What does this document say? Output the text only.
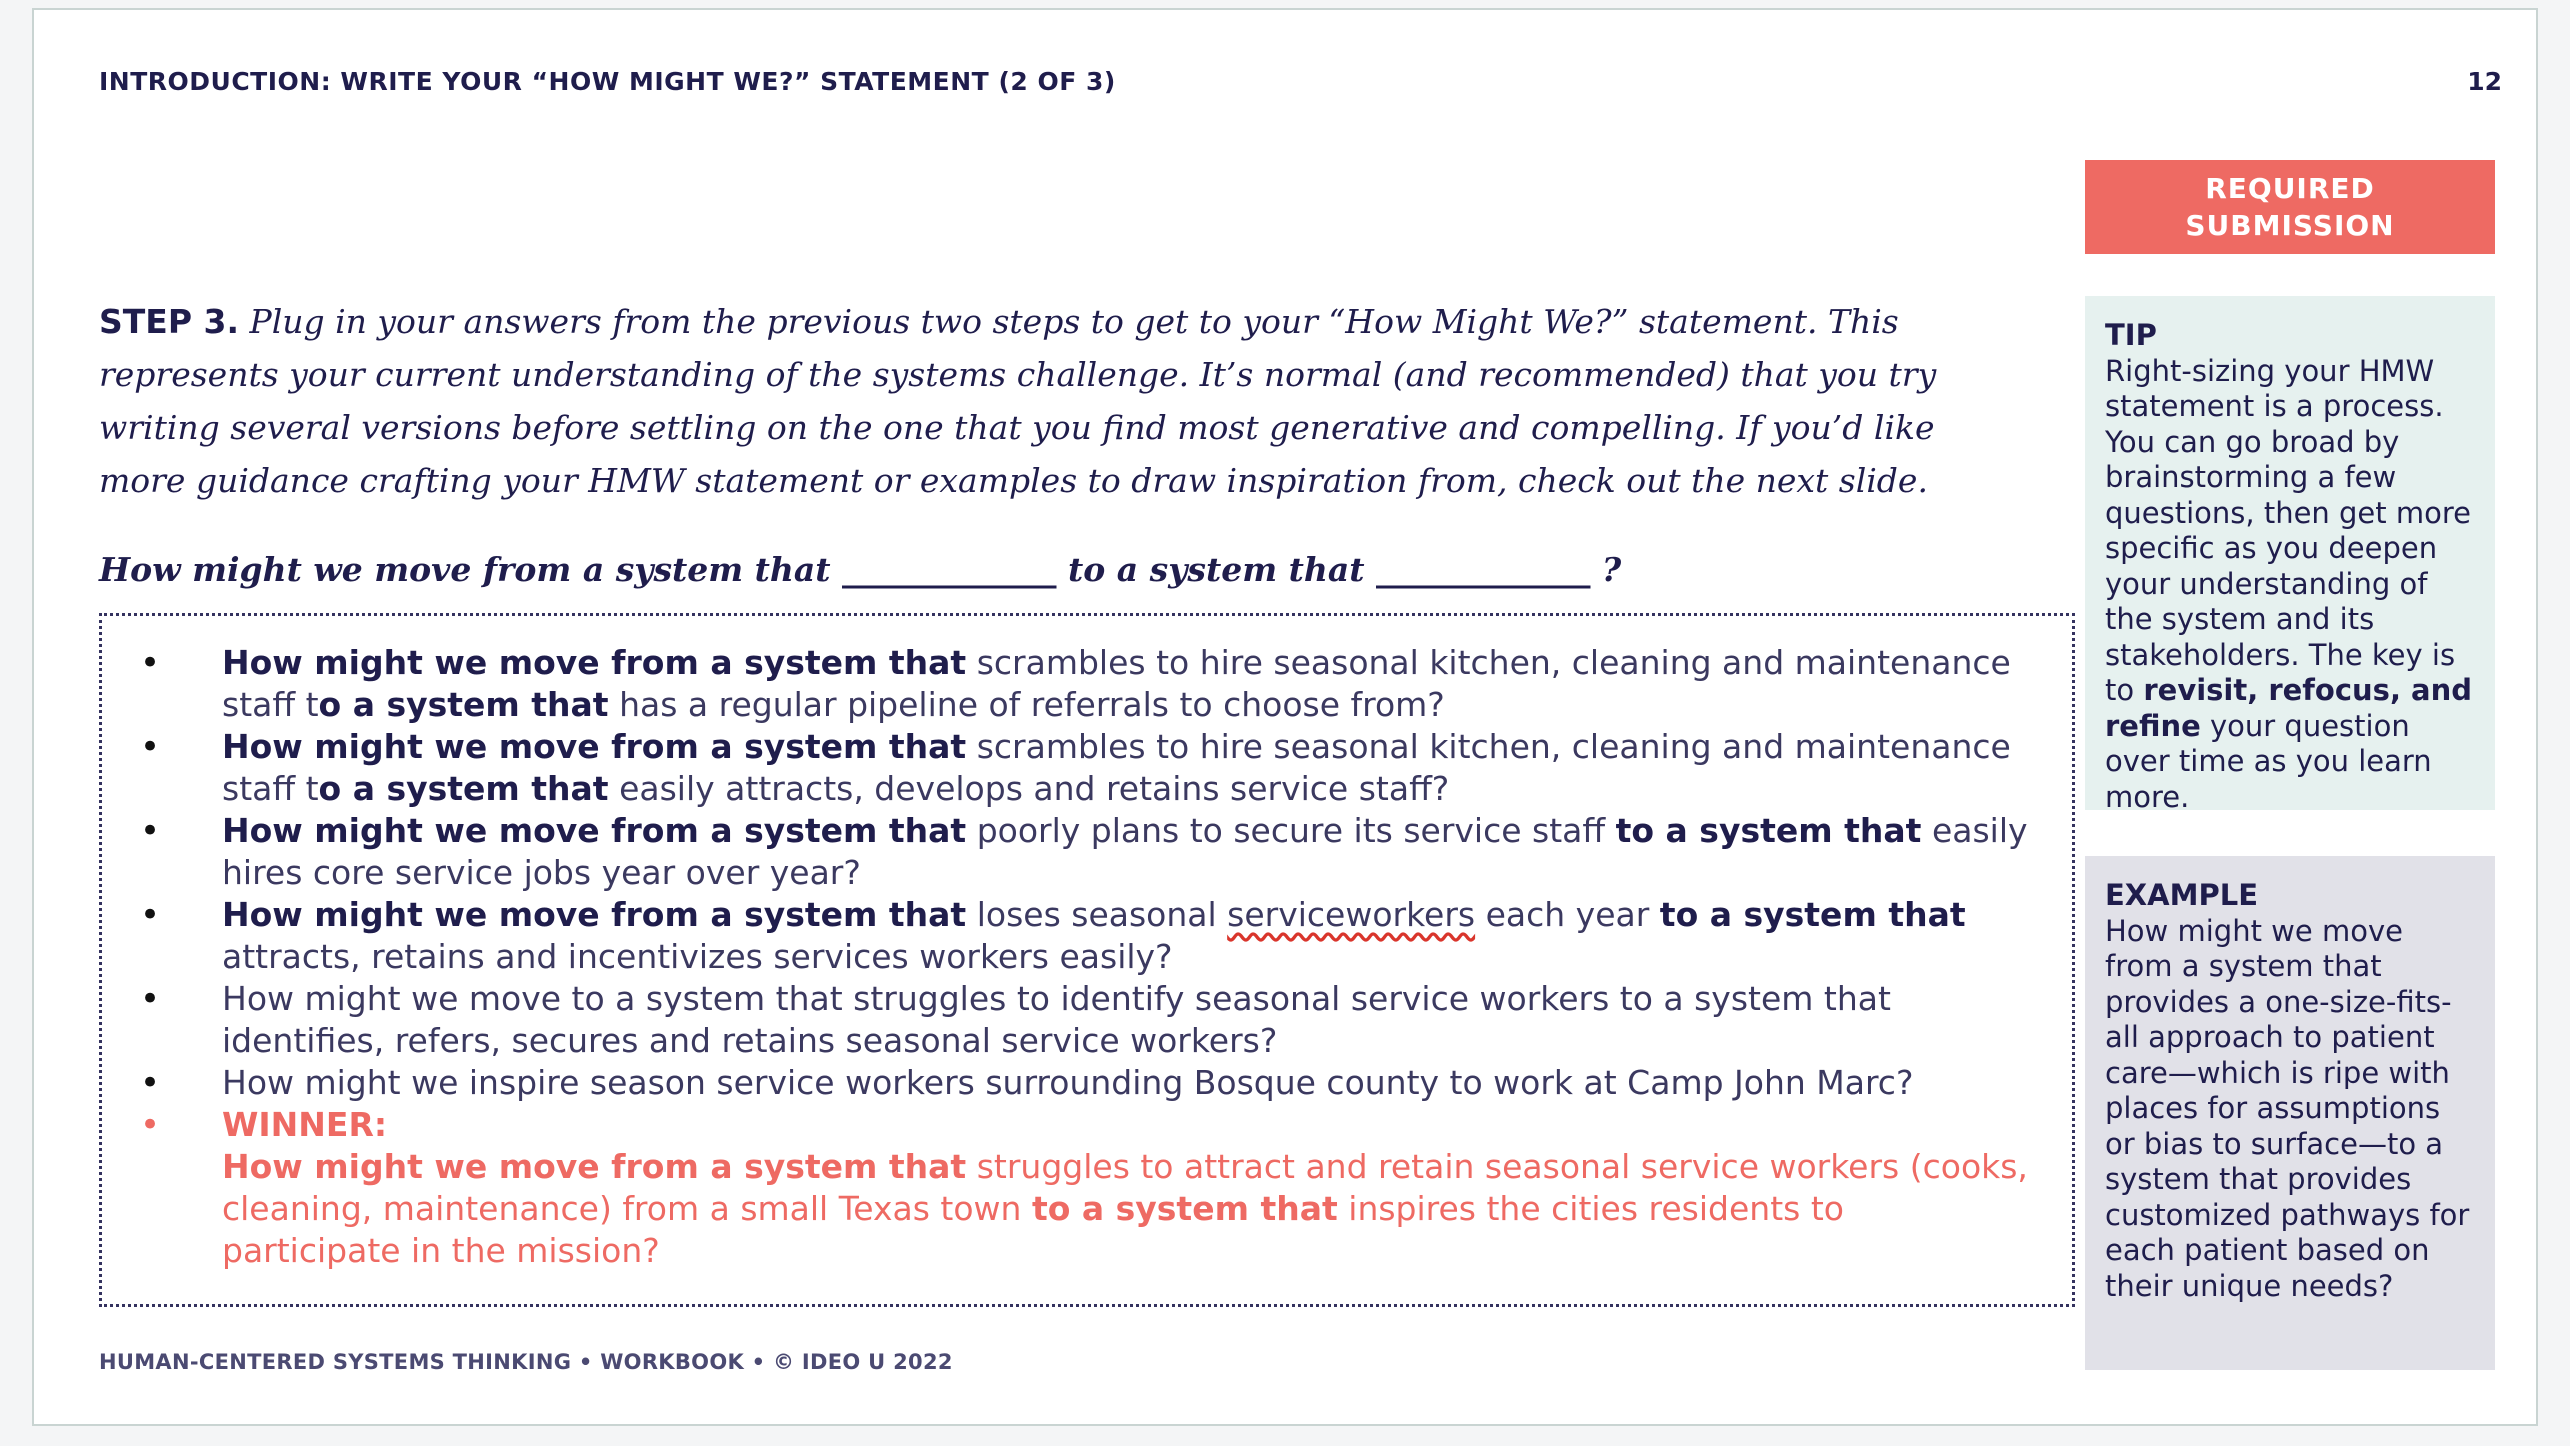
INTRODUCTION: WRITE YOUR “HOW MIGHT WE?” STATEMENT (2 OF 3)	12
REQUIRED SUBMISSION
STEP 3. Plug in your answers from the previous two steps to get to your “How Might We?” statement. This represents your current understanding of the systems challenge. It’s normal (and recommended) that you try writing several versions before settling on the one that you find most generative and compelling. If you’d like more guidance crafting your HMW statement or examples to draw inspiration from, check out the next slide.
How might we move from a system that _____________ to a system that _____________ ?
• How might we move from a system that scrambles to hire seasonal kitchen, cleaning and maintenance staff to a system that has a regular pipeline of referrals to choose from?
• How might we move from a system that scrambles to hire seasonal kitchen, cleaning and maintenance staff to a system that easily attracts, develops and retains service staff?
• How might we move from a system that poorly plans to secure its service staff to a system that easily hires core service jobs year over year?
• How might we move from a system that loses seasonal serviceworkers each year to a system that attracts, retains and incentivizes services workers easily?
• How might we move to a system that struggles to identify seasonal service workers to a system that identifies, refers, secures and retains seasonal service workers?
• How might we inspire season service workers surrounding Bosque county to work at Camp John Marc?
• WINNER:
How might we move from a system that struggles to attract and retain seasonal service workers (cooks, cleaning, maintenance) from a small Texas town to a system that inspires the cities residents to participate in the mission?
TIP
Right-sizing your HMW statement is a process. You can go broad by brainstorming a few questions, then get more specific as you deepen your understanding of the system and its stakeholders. The key is to revisit, refocus, and refine your question over time as you learn more.
EXAMPLE
How might we move from a system that provides a one-size-fits-all approach to patient care—which is ripe with places for assumptions or bias to surface—to a system that provides customized pathways for each patient based on their unique needs?
HUMAN-CENTERED SYSTEMS THINKING • WORKBOOK • © IDEO U 2022
